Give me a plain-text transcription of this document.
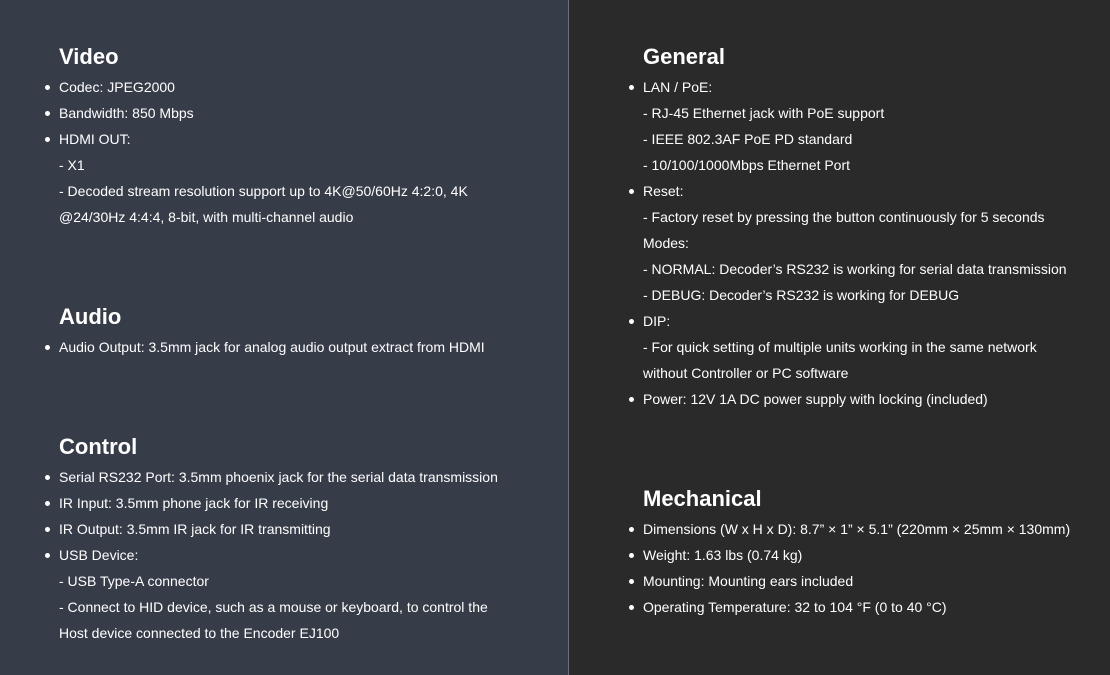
Video
Codec: JPEG2000
Bandwidth: 850 Mbps
HDMI OUT:
- X1
- Decoded stream resolution support up to 4K@50/60Hz 4:2:0, 4K
@24/30Hz 4:4:4, 8-bit, with multi-channel audio
Audio
Audio Output: 3.5mm jack for analog audio output extract from HDMI
Control
Serial RS232 Port: 3.5mm phoenix jack for the serial data transmission
IR Input: 3.5mm phone jack for IR receiving
IR Output: 3.5mm IR jack for IR transmitting
USB Device:
- USB Type-A connector
- Connect to HID device, such as a mouse or keyboard, to control the
Host device connected to the Encoder EJ100
General
LAN / PoE:
- RJ-45 Ethernet jack with PoE support
- IEEE 802.3AF PoE PD standard
- 10/100/1000Mbps Ethernet Port
Reset:
- Factory reset by pressing the button continuously for 5 seconds
Modes:
- NORMAL: Decoder’s RS232 is working for serial data transmission
- DEBUG: Decoder’s RS232 is working for DEBUG
DIP:
- For quick setting of multiple units working in the same network
without Controller or PC software
Power: 12V 1A DC power supply with locking (included)
Mechanical
Dimensions (W x H x D): 8.7” × 1” × 5.1” (220mm × 25mm × 130mm)
Weight: 1.63 lbs (0.74 kg)
Mounting: Mounting ears included
Operating Temperature: 32 to 104 °F (0 to 40 °C)
